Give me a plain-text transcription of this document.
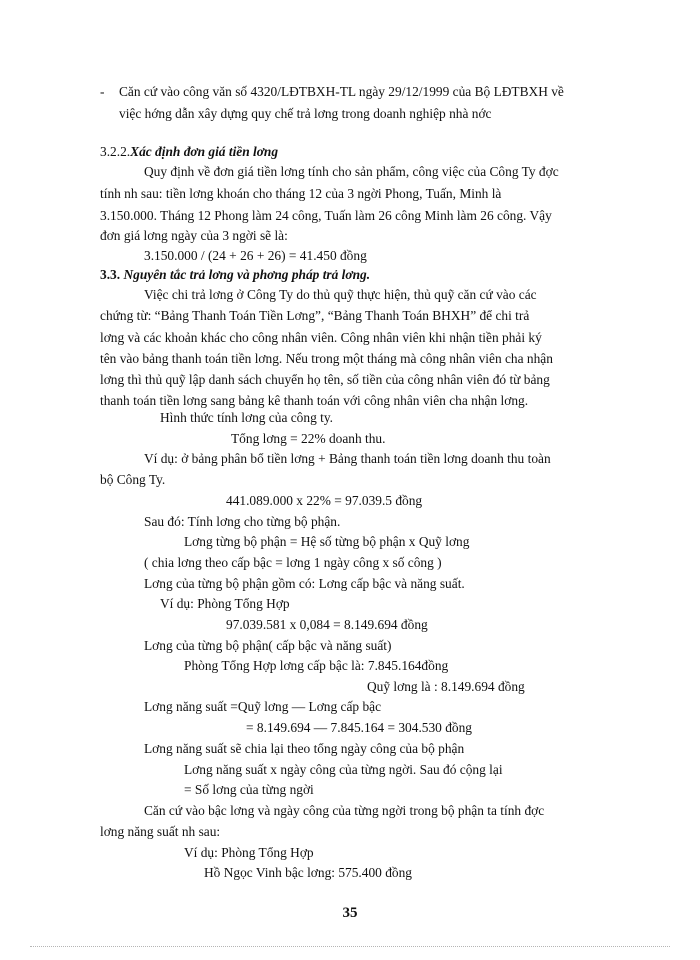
- Căn cứ vào công văn số 4320/LĐTBXH-TL ngày 29/12/1999 của Bộ LĐTBXH về
việc hớng dẫn xây dựng quy chế trả lơng trong doanh nghiệp nhà nớc
3.2.2.Xác định đơn giá tiền lơng
Quy định về đơn giá tiền lơng tính cho sản phẩm, công việc của Công Ty đợc
tính nh sau: tiền lơng khoán cho tháng 12 của 3 ngời Phong, Tuấn, Minh là
3.150.000. Tháng 12 Phong làm 24 công, Tuấn làm 26 công Minh làm 26 công. Vậy
đơn giá lơng ngày của 3 ngời sẽ là:
3.150.000 / (24 + 26 + 26) = 41.450 đồng
3.3. Nguyên tắc trả lơng và phơng pháp trả lơng.
Việc chi trả lơng ở Công Ty do thủ quỹ thực hiện, thủ quỹ căn cứ vào các
chứng từ: “Bảng Thanh Toán Tiền Lơng”, “Bảng Thanh Toán BHXH” để chi trả
lơng và các khoản khác cho công nhân viên. Công nhân viên khi nhận tiền phải ký
tên vào bảng thanh toán tiền lơng. Nếu trong một tháng mà công nhân viên cha nhận
lơng thì thủ quỹ lập danh sách chuyển họ tên, số tiền của công nhân viên đó từ bảng
thanh toán tiền lơng sang bảng kê thanh toán với công nhân viên cha nhận lơng.
Hình thức tính lơng của công ty.
Tổng lơng = 22% doanh thu.
Ví dụ: ở bảng phân bổ tiền lơng + Bảng thanh toán tiền lơng doanh thu toàn
bộ Công Ty.
441.089.000 x 22% = 97.039.5 đồng
Sau đó: Tính lơng cho từng bộ phận.
Lơng từng bộ phận = Hệ số từng bộ phận x Quỹ lơng
( chia lơng theo cấp bậc = lơng 1 ngày công x số công )
Lơng của từng bộ phận gồm có: Lơng cấp bậc và năng suất.
Ví dụ: Phòng Tổng Hợp
97.039.581 x 0,084 = 8.149.694 đồng
Lơng của từng bộ phận( cấp bậc và năng suất)
Phòng Tổng Hợp lơng cấp bậc là: 7.845.164đồng
Quỹ lơng là : 8.149.694 đồng
Lơng năng suất =Quỹ lơng — Lơng cấp bậc
= 8.149.694 — 7.845.164 = 304.530 đồng
Lơng năng suất sẽ chia lại theo tổng ngày công của bộ phận
Lơng năng suất x ngày công của từng ngời. Sau đó cộng lại
= Số lơng của từng ngời
Căn cứ vào bậc lơng và ngày công của từng ngời trong bộ phận ta tính đợc
lơng năng suất nh sau:
Ví dụ: Phòng Tổng Hợp
Hồ Ngọc Vinh bậc lơng: 575.400 đồng
35
